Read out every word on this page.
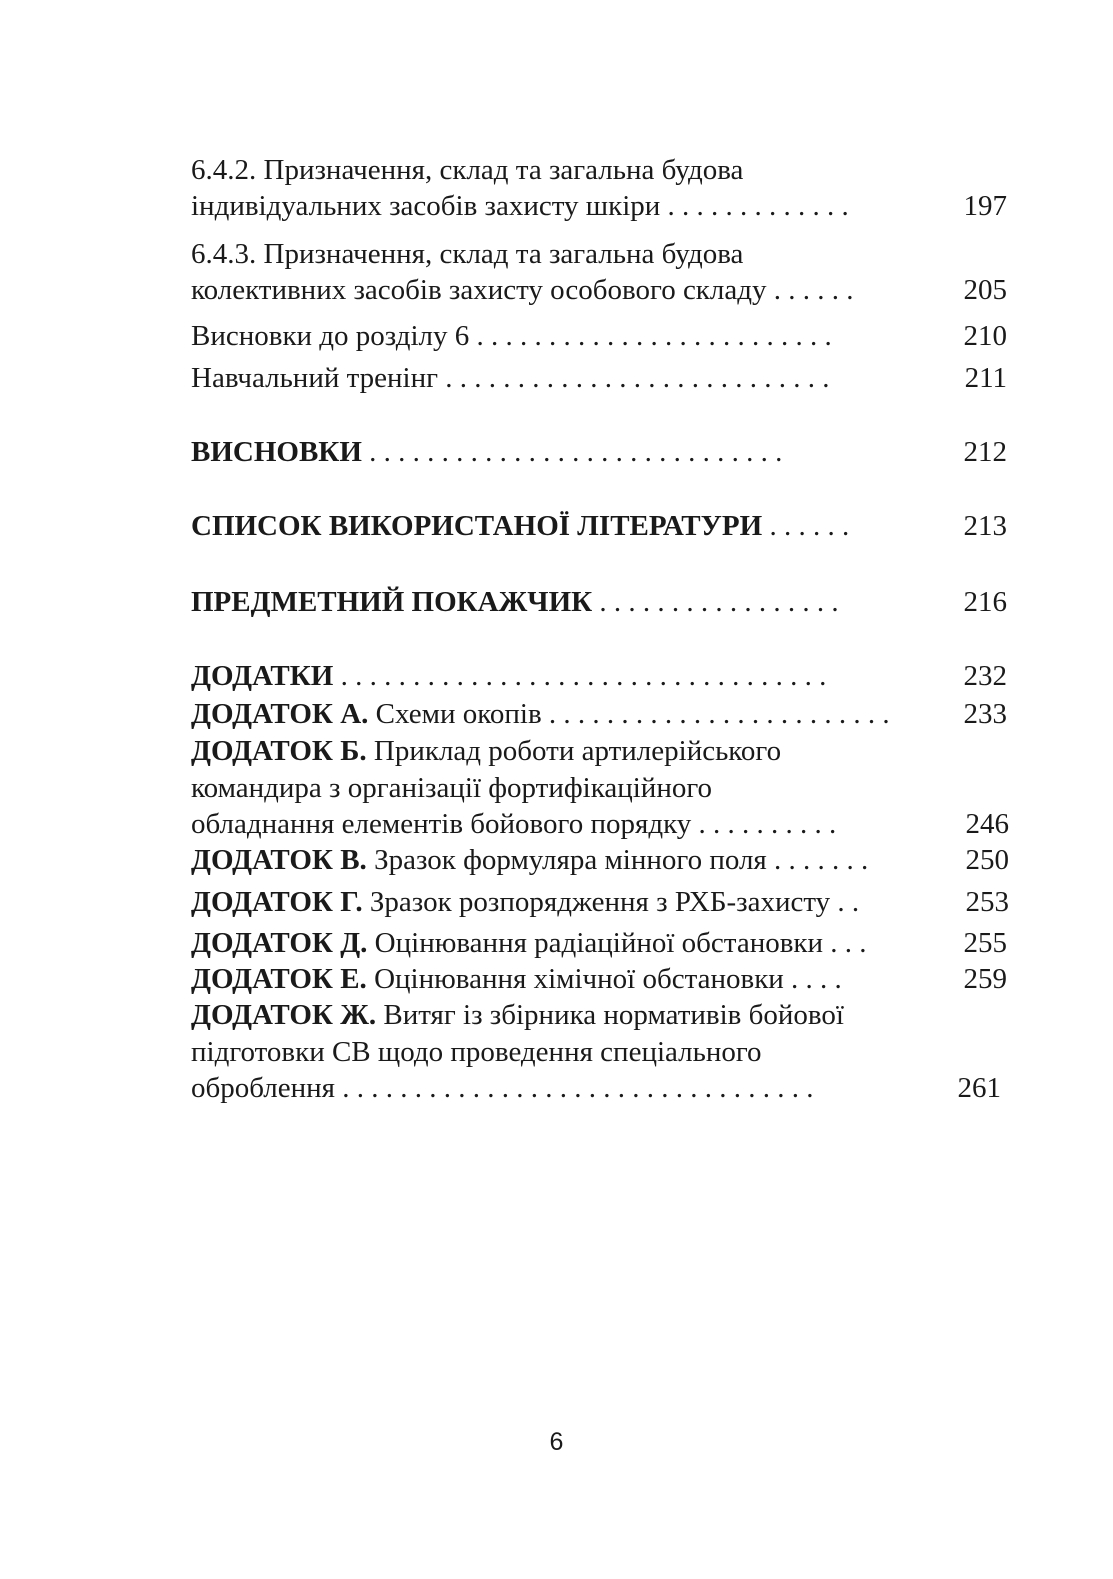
6.4.2. Призначення, склад та загальна будова
індивідуальних засобів захисту шкіри . . . . . . . . . . . . .	197
6.4.3. Призначення, склад та загальна будова
колективних засобів захисту особового складу . . . . . .	205
Висновки до розділу 6 . . . . . . . . . . . . . . . . . . . . . . . . .	210
Навчальний тренінг . . . . . . . . . . . . . . . . . . . . . . . . . . .	211
ВИСНОВКИ . . . . . . . . . . . . . . . . . . . . . . . . . . . . .	212
СПИСОК ВИКОРИСТАНОЇ ЛІТЕРАТУРИ . . . . . .	213
ПРЕДМЕТНИЙ ПОКАЖЧИК . . . . . . . . . . . . . . . . .	216
ДОДАТКИ . . . . . . . . . . . . . . . . . . . . . . . . . . . . . . . . . .	232
ДОДАТОК А. Схеми окопів . . . . . . . . . . . . . . . . . . . . . . . .	233
ДОДАТОК Б. Приклад роботи артилерійського
командира з організації фортифікаційного
обладнання елементів бойового порядку . . . . . . . . . .	246
ДОДАТОК В. Зразок формуляра мінного поля . . . . . . .	250
ДОДАТОК Г. Зразок розпорядження з РХБ-захисту . .	253
ДОДАТОК Д. Оцінювання радіаційної обстановки . . .	255
ДОДАТОК Е. Оцінювання хімічної обстановки . . . .	259
ДОДАТОК Ж. Витяг із збірника нормативів бойової
підготовки СВ щодо проведення спеціального
оброблення . . . . . . . . . . . . . . . . . . . . . . . . . . . . . . . . .	261
6
